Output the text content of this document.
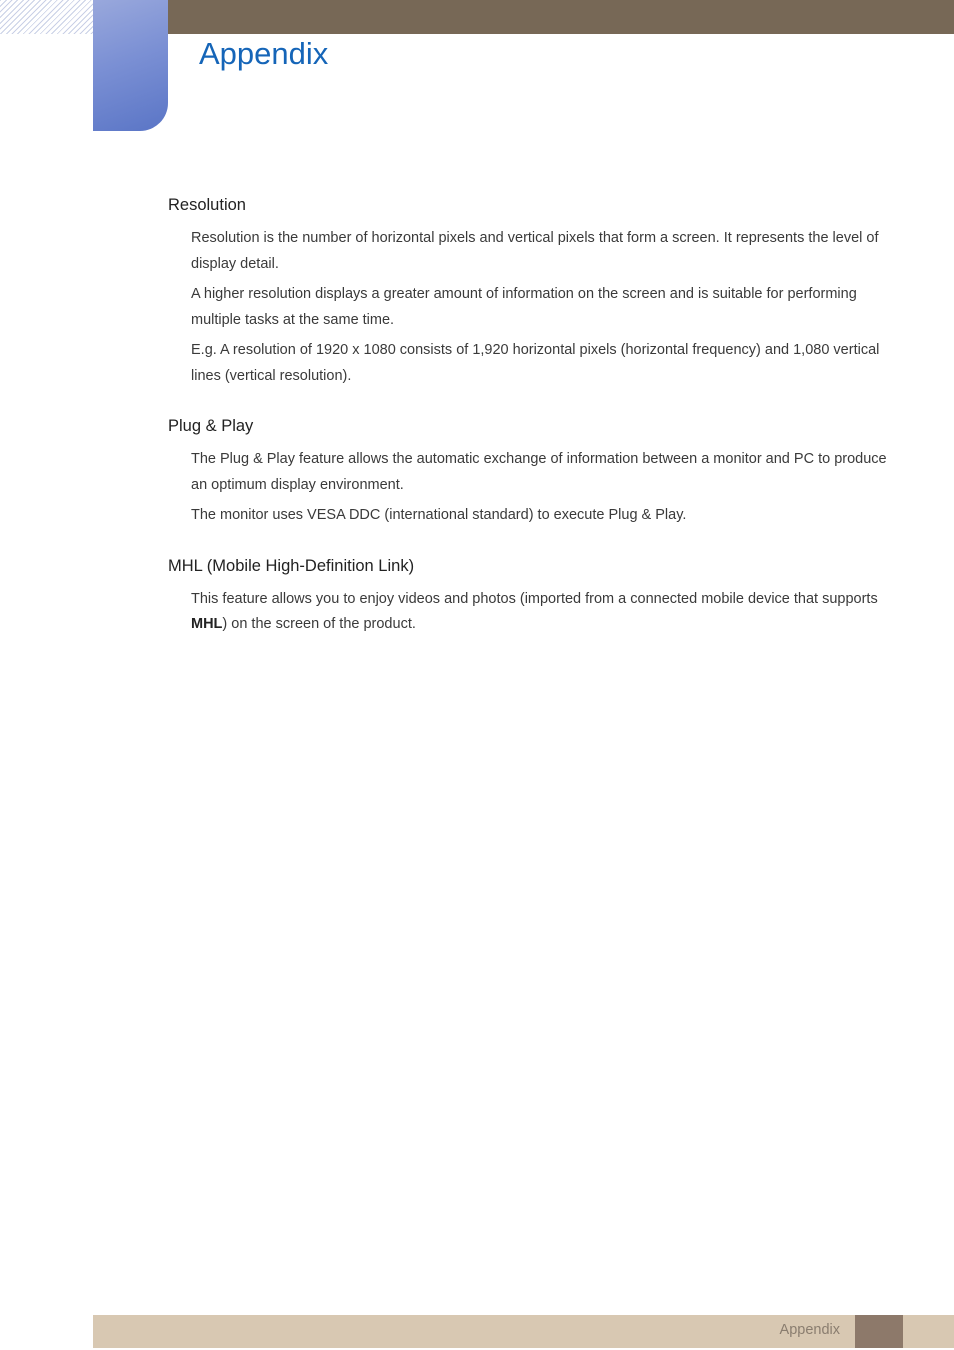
Appendix
Resolution

Resolution is the number of horizontal pixels and vertical pixels that form a screen. It represents the level of display detail.

A higher resolution displays a greater amount of information on the screen and is suitable for performing multiple tasks at the same time.

E.g. A resolution of 1920 x 1080 consists of 1,920 horizontal pixels (horizontal frequency) and 1,080 vertical lines (vertical resolution).

Plug & Play

The Plug & Play feature allows the automatic exchange of information between a monitor and PC to produce an optimum display environment.

The monitor uses VESA DDC (international standard) to execute Plug & Play.

MHL (Mobile High-Definition Link)

This feature allows you to enjoy videos and photos (imported from a connected mobile device that supports MHL) on the screen of the product.

Appendix
